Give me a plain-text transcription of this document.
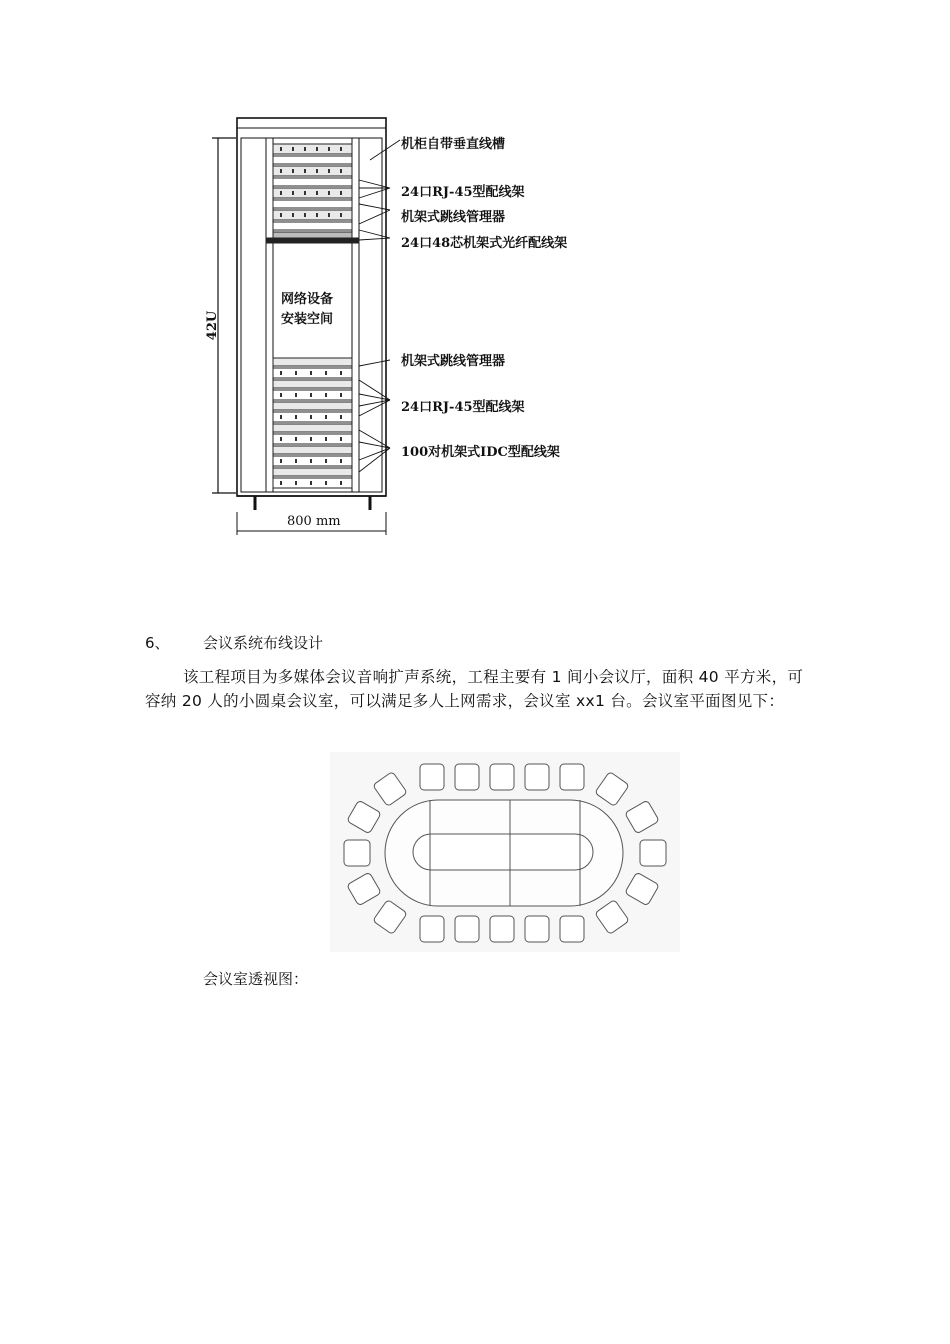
机柜自带垂直线槽
24口RJ-45型配线架
机架式跳线管理器
24口48芯机架式光纤配线架
网络设备
安装空间
机架式跳线管理器
24口RJ-45型配线架
100对机架式IDC型配线架
42U
800 mm
6、 会议系统布线设计
该工程项目为多媒体会议音响扩声系统，工程主要有 1 间小会议厅，面积 40 平方米，可容纳 20 人的小圆桌会议室，可以满足多人上网需求，会议室 xx1 台。会议室平面图见下：
会议室透视图：
